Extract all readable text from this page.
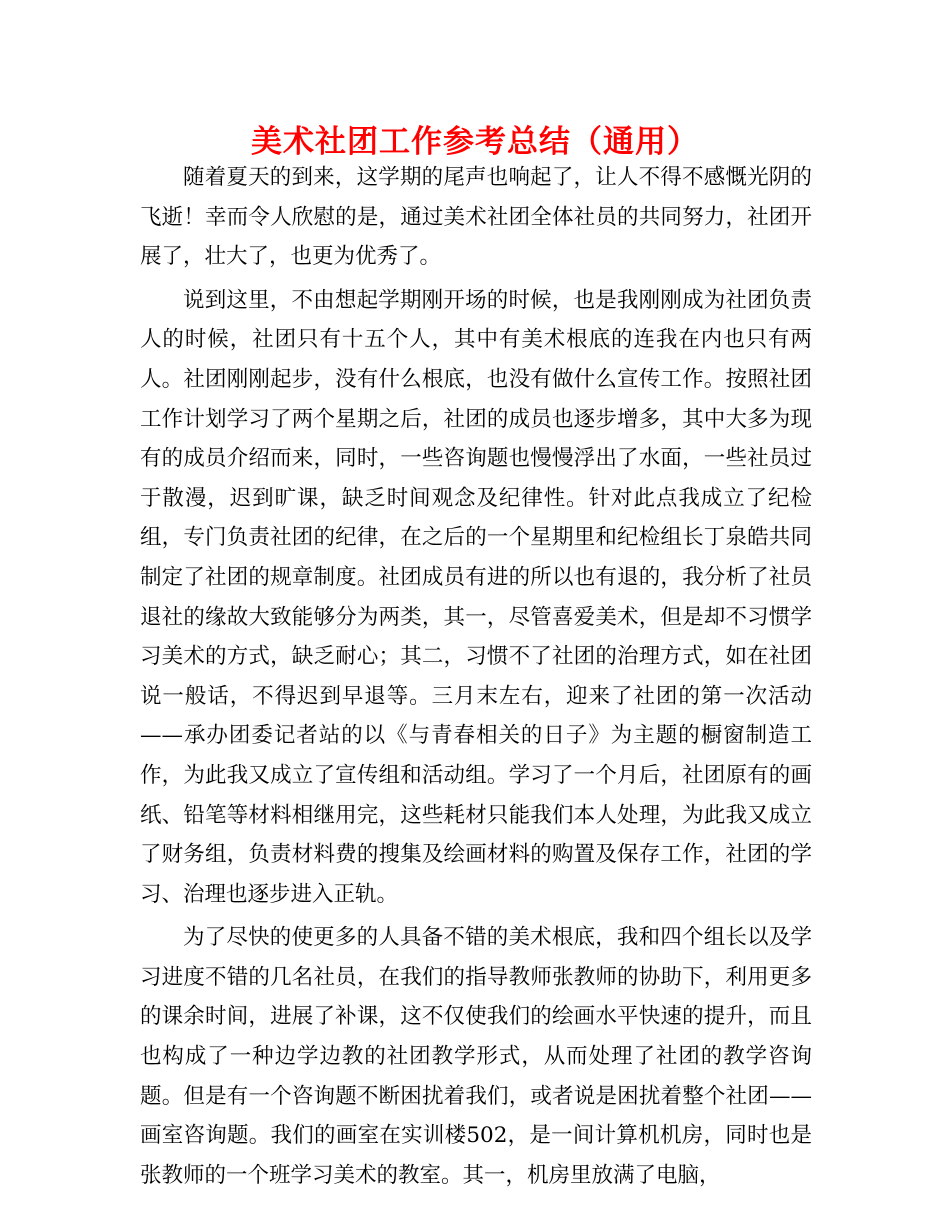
美术社团工作参考总结（通用）

随着夏天的到来，这学期的尾声也响起了，让人不得不感慨光阴的飞逝！幸而令人欣慰的是，通过美术社团全体社员的共同努力，社团开展了，壮大了，也更为优秀了。

说到这里，不由想起学期刚开场的时候，也是我刚刚成为社团负责人的时候，社团只有十五个人，其中有美术根底的连我在内也只有两人。社团刚刚起步，没有什么根底，也没有做什么宣传工作。按照社团工作计划学习了两个星期之后，社团的成员也逐步增多，其中大多为现有的成员介绍而来，同时，一些咨询题也慢慢浮出了水面，一些社员过于散漫，迟到旷课，缺乏时间观念及纪律性。针对此点我成立了纪检组，专门负责社团的纪律，在之后的一个星期里和纪检组长丁泉皓共同制定了社团的规章制度。社团成员有进的所以也有退的，我分析了社员退社的缘故大致能够分为两类，其一，尽管喜爱美术，但是却不习惯学习美术的方式，缺乏耐心；其二，习惯不了社团的治理方式，如在社团说一般话，不得迟到早退等。三月末左右，迎来了社团的第一次活动——承办团委记者站的以《与青春相关的日子》为主题的橱窗制造工作，为此我又成立了宣传组和活动组。学习了一个月后，社团原有的画纸、铅笔等材料相继用完，这些耗材只能我们本人处理，为此我又成立了财务组，负责材料费的搜集及绘画材料的购置及保存工作，社团的学习、治理也逐步进入正轨。

为了尽快的使更多的人具备不错的美术根底，我和四个组长以及学习进度不错的几名社员，在我们的指导教师张教师的协助下，利用更多的课余时间，进展了补课，这不仅使我们的绘画水平快速的提升，而且也构成了一种边学边教的社团教学形式，从而处理了社团的教学咨询题。但是有一个咨询题不断困扰着我们，或者说是困扰着整个社团——画室咨询题。我们的画室在实训楼502，是一间计算机机房，同时也是张教师的一个班学习美术的教室。其一，机房里放满了电脑，
